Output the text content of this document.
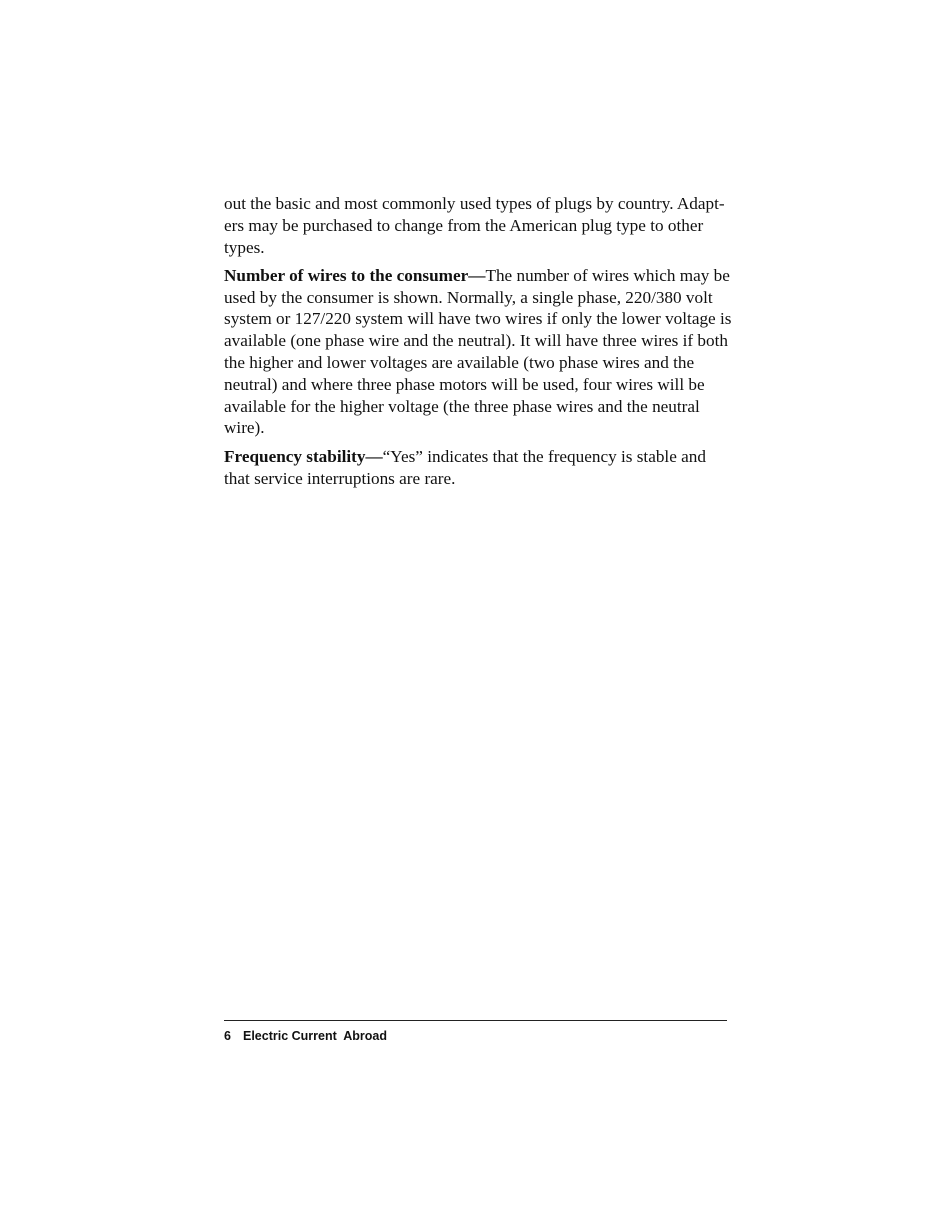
out the basic and most commonly used types of plugs by country. Adapt-
ers may be purchased to change from the American plug type to other
types.

Number of wires to the consumer—The number of wires which may be
used by the consumer is shown. Normally, a single phase, 220/380 volt
system or 127/220 system will have two wires if only the lower voltage is
available (one phase wire and the neutral). It will have three wires if both
the higher and lower voltages are available (two phase wires and the
neutral) and where three phase motors will be used, four wires will be
available for the higher voltage (the three phase wires and the neutral
wire).

Frequency stability—“Yes” indicates that the frequency is stable and
that service interruptions are rare.

6 Electric Current  Abroad
